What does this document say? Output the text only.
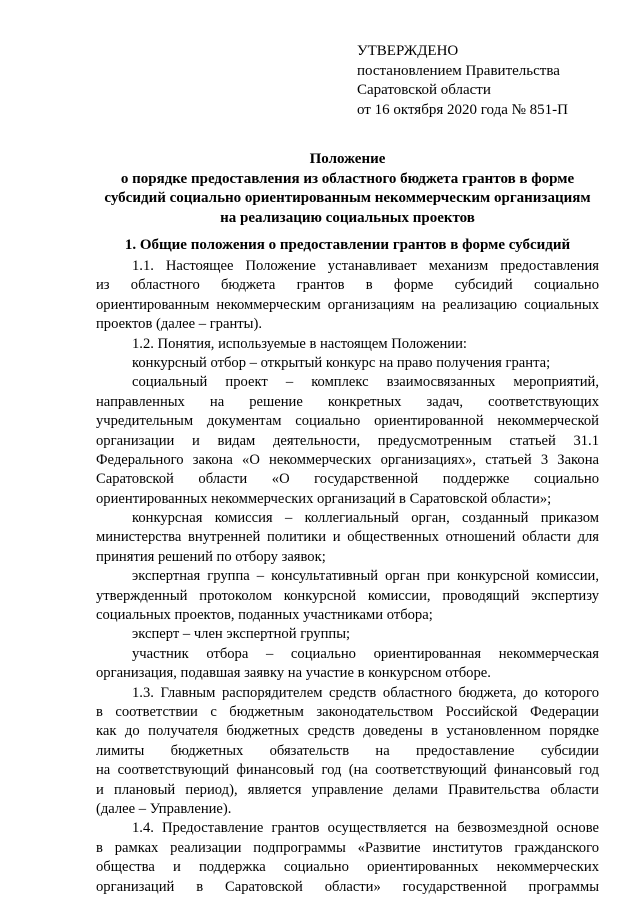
УТВЕРЖДЕНО
постановлением Правительства
Саратовской области
от 16 октября 2020 года № 851-П
Положение
о порядке предоставления из областного бюджета грантов в форме
субсидий социально ориентированным некоммерческим организациям
на реализацию социальных проектов
1. Общие положения о предоставлении грантов в форме субсидий
1.1. Настоящее Положение устанавливает механизм предоставления
из областного бюджета грантов в форме субсидий социально
ориентированным некоммерческим организациям на реализацию социальных
проектов (далее – гранты).
1.2. Понятия, используемые в настоящем Положении:
конкурсный отбор – открытый конкурс на право получения гранта;
социальный проект – комплекс взаимосвязанных мероприятий,
направленных на решение конкретных задач, соответствующих
учредительным документам социально ориентированной некоммерческой
организации и видам деятельности, предусмотренным статьей 31.1
Федерального закона «О некоммерческих организациях», статьей 3 Закона
Саратовской области «О государственной поддержке социально
ориентированных некоммерческих организаций в Саратовской области»;
конкурсная комиссия – коллегиальный орган, созданный приказом
министерства внутренней политики и общественных отношений области для
принятия решений по отбору заявок;
экспертная группа – консультативный орган при конкурсной комиссии,
утвержденный протоколом конкурсной комиссии, проводящий экспертизу
социальных проектов, поданных участниками отбора;
эксперт – член экспертной группы;
участник отбора – социально ориентированная некоммерческая
организация, подавшая заявку на участие в конкурсном отборе.
1.3. Главным распорядителем средств областного бюджета, до которого
в соответствии с бюджетным законодательством Российской Федерации
как до получателя бюджетных средств доведены в установленном порядке
лимиты бюджетных обязательств на предоставление субсидии
на соответствующий финансовый год (на соответствующий финансовый год
и плановый период), является управление делами Правительства области
(далее – Управление).
1.4. Предоставление грантов осуществляется на безвозмездной основе
в рамках реализации подпрограммы «Развитие институтов гражданского
общества и поддержка социально ориентированных некоммерческих
организаций в Саратовской области» государственной программы
